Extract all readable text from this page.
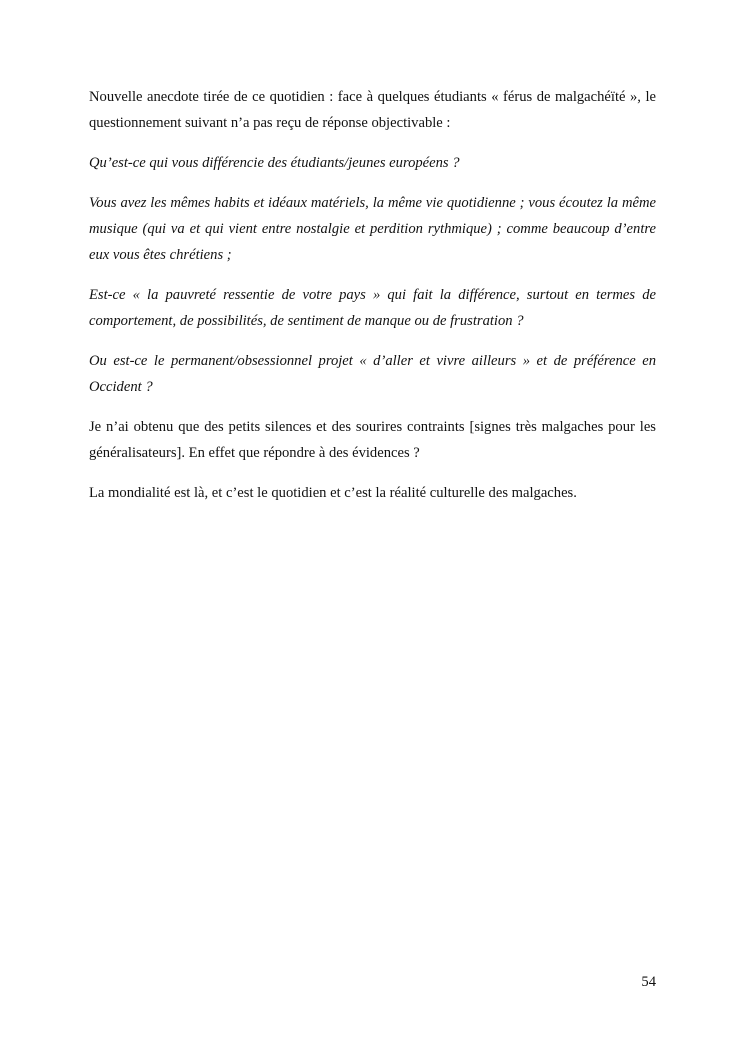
Nouvelle anecdote tirée de ce quotidien : face à quelques étudiants « férus de malgachéïté », le questionnement suivant n’a pas reçu de réponse objectivable :

Qu’est-ce qui vous différencie des étudiants/jeunes européens ?

Vous avez les mêmes habits et idéaux matériels, la même vie quotidienne ; vous écoutez la même musique (qui va et qui vient entre nostalgie et perdition rythmique) ; comme beaucoup d’entre eux vous êtes chrétiens ;

Est-ce « la pauvreté ressentie de votre pays » qui fait la différence, surtout en termes de comportement, de possibilités, de sentiment de manque ou de frustration ?

Ou est-ce le permanent/obsessionnel projet « d’aller et vivre ailleurs » et de préférence en Occident ?

Je n’ai obtenu que des petits silences et des sourires contraints [signes très malgaches pour les généralisateurs]. En effet que répondre à des évidences ?

La mondialité est là, et c’est le quotidien et c’est la réalité culturelle des malgaches.

54
